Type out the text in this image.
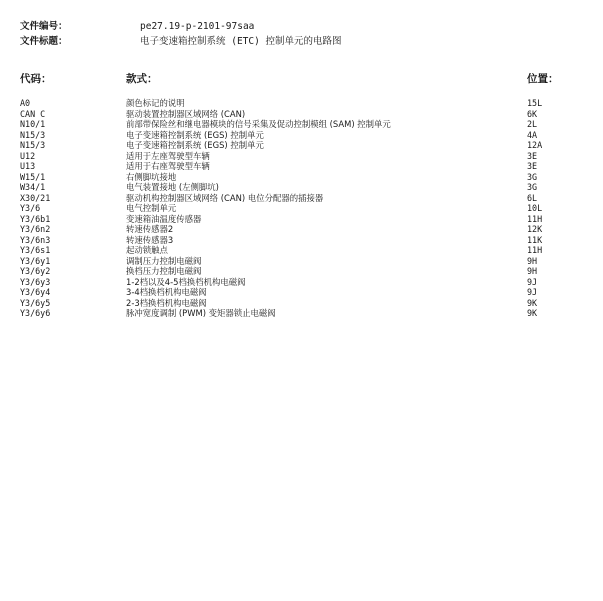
文件编号：	pe27.19-p-2101-97saa
文件标题：	电子变速箱控制系统 (ETC) 控制单元的电路图
代码：	款式：	位置：
A0	颜色标记的说明	15L
CAN C	驱动装置控制器区域网络 (CAN)	6K
N10/1	前部带保险丝和继电器模块的信号采集及促动控制模组 (SAM) 控制单元	2L
N15/3	电子变速箱控制系统 (EGS) 控制单元	4A
N15/3	电子变速箱控制系统 (EGS) 控制单元	12A
U12	适用于左座驾驶型车辆	3E
U13	适用于右座驾驶型车辆	3E
W15/1	右侧脚坑接地	3G
W34/1	电气装置接地 (左侧脚坑)	3G
X30/21	驱动机构控制器区域网络 (CAN) 电位分配器的插接器	6L
Y3/6	电气控制单元	10L
Y3/6b1	变速箱油温度传感器	11H
Y3/6n2	转速传感器2	12K
Y3/6n3	转速传感器3	11K
Y3/6s1	起动锁触点	11H
Y3/6y1	调制压力控制电磁阀	9H
Y3/6y2	换档压力控制电磁阀	9H
Y3/6y3	1-2档以及4-5档换档机构电磁阀	9J
Y3/6y4	3-4档换档机构电磁阀	9J
Y3/6y5	2-3档换档机构电磁阀	9K
Y3/6y6	脉冲宽度调制 (PWM) 变矩器锁止电磁阀	9K
